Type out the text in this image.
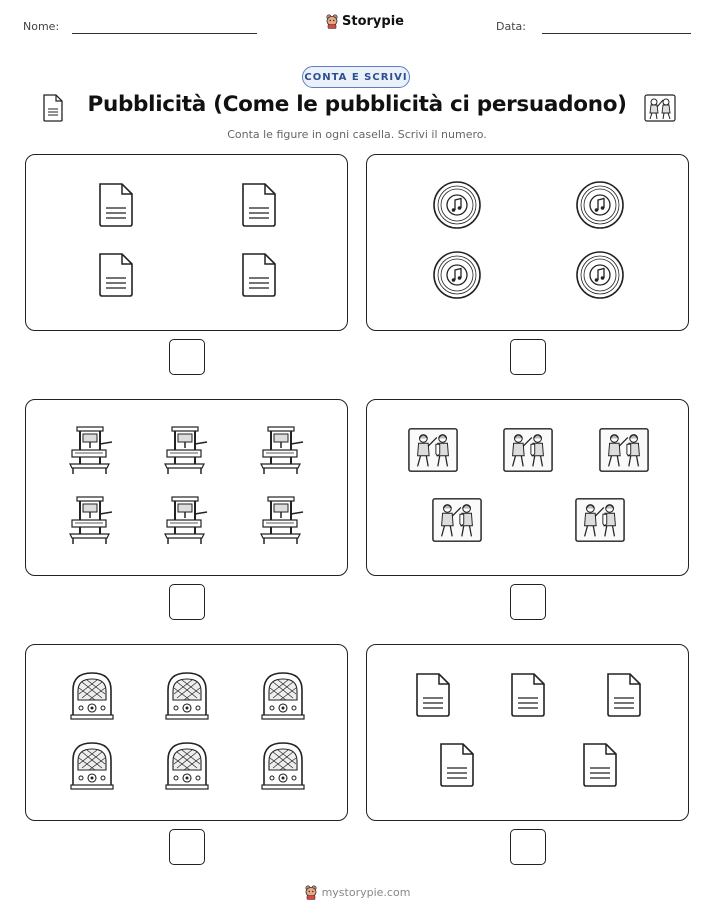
Nome:	Storypie	Data:
CONTA E SCRIVI
Pubblicità (Come le pubblicità ci persuadono)
Conta le figure in ogni casella. Scrivi il numero.
mystorypie.com
